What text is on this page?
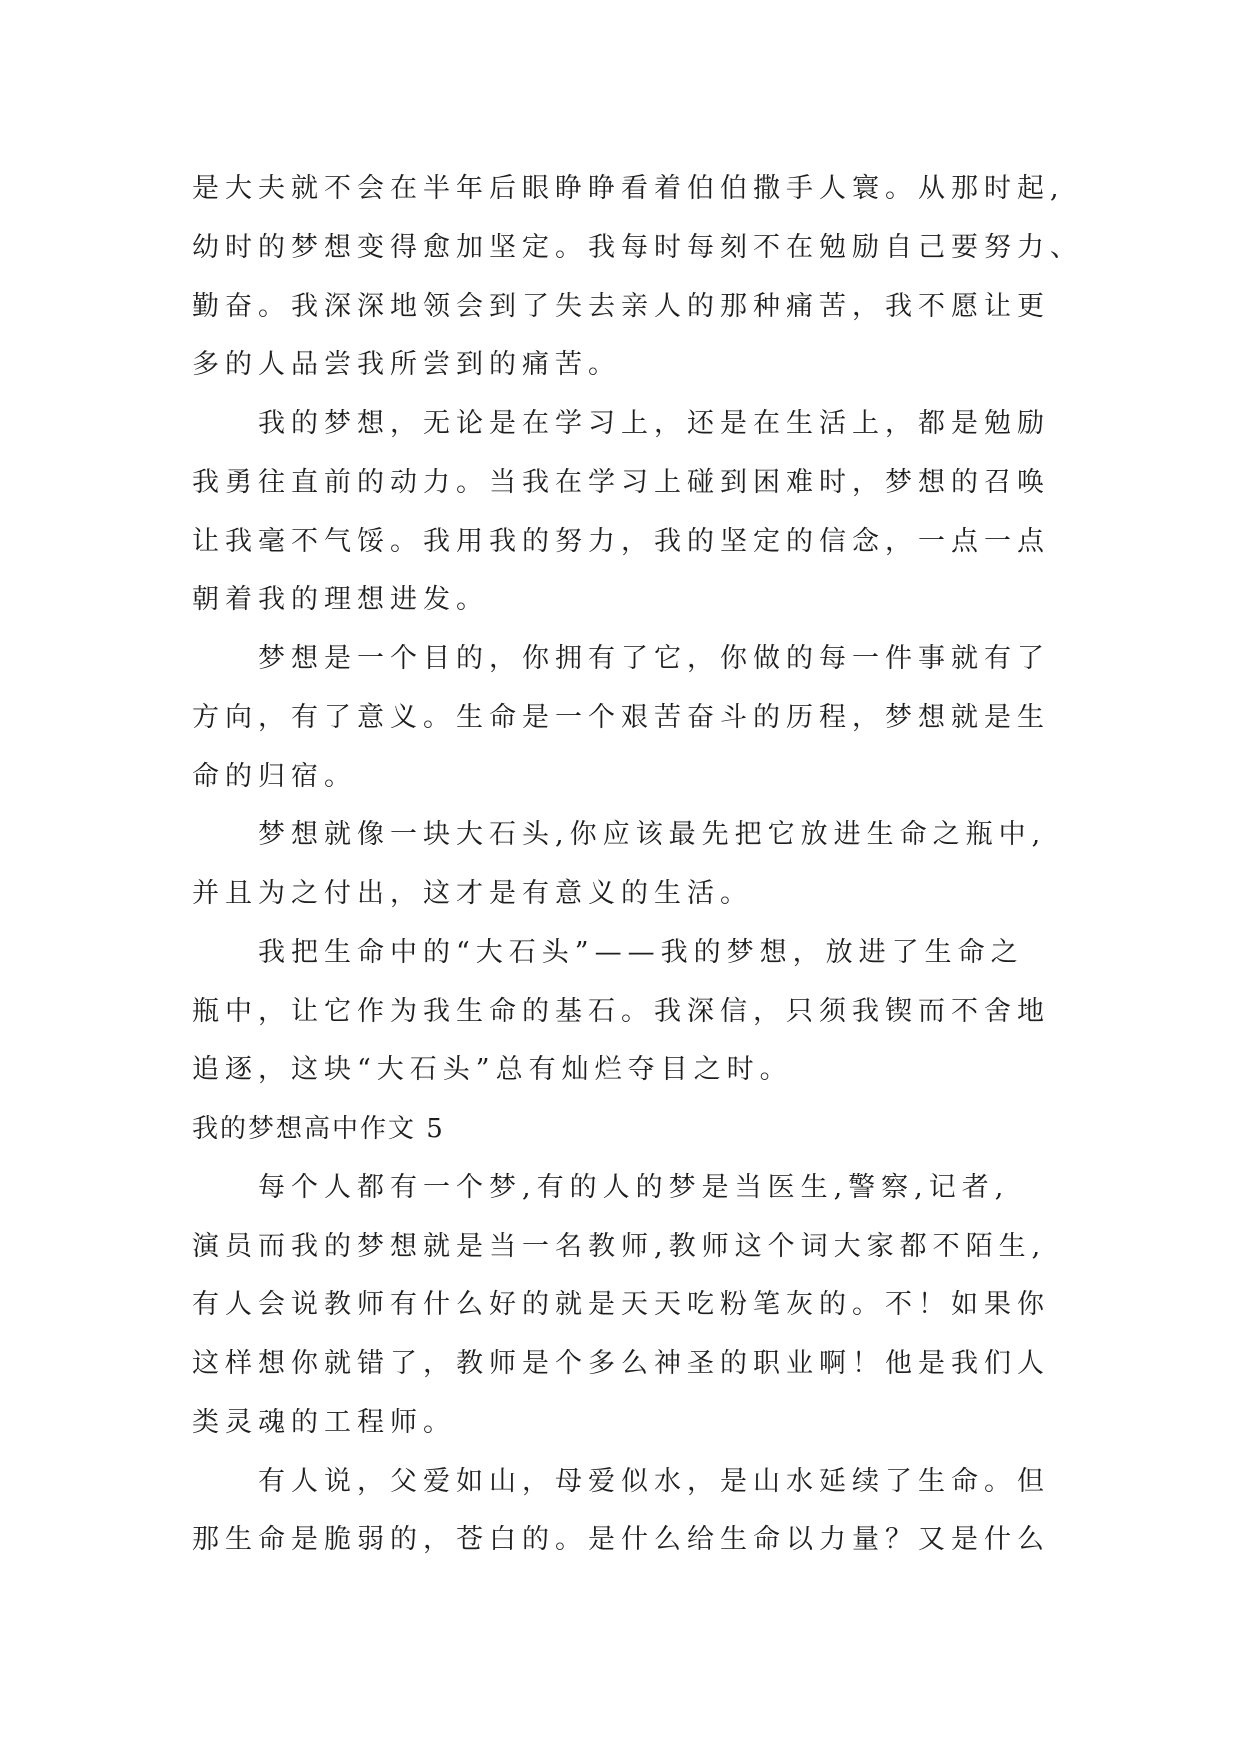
是大夫就不会在半年后眼睁睁看着伯伯撒手人寰。从那时起,
幼时的梦想变得愈加坚定。我每时每刻不在勉励自己要努力、
勤奋。我深深地领会到了失去亲人的那种痛苦，我不愿让更
多的人品尝我所尝到的痛苦。
我的梦想，无论是在学习上，还是在生活上，都是勉励
我勇往直前的动力。当我在学习上碰到困难时，梦想的召唤
让我毫不气馁。我用我的努力，我的坚定的信念，一点一点
朝着我的理想进发。
梦想是一个目的，你拥有了它，你做的每一件事就有了
方向，有了意义。生命是一个艰苦奋斗的历程，梦想就是生
命的归宿。
梦想就像一块大石头,你应该最先把它放进生命之瓶中,
并且为之付出，这才是有意义的生活。
我把生命中的“大石头”——我的梦想，放进了生命之
瓶中，让它作为我生命的基石。我深信，只须我锲而不舍地
追逐，这块“大石头”总有灿烂夺目之时。
我的梦想高中作文 5
每个人都有一个梦,有的人的梦是当医生,警察,记者,
演员而我的梦想就是当一名教师,教师这个词大家都不陌生,
有人会说教师有什么好的就是天天吃粉笔灰的。不！如果你
这样想你就错了，教师是个多么神圣的职业啊！他是我们人
类灵魂的工程师。
有人说，父爱如山，母爱似水，是山水延续了生命。但
那生命是脆弱的，苍白的。是什么给生命以力量？又是什么
